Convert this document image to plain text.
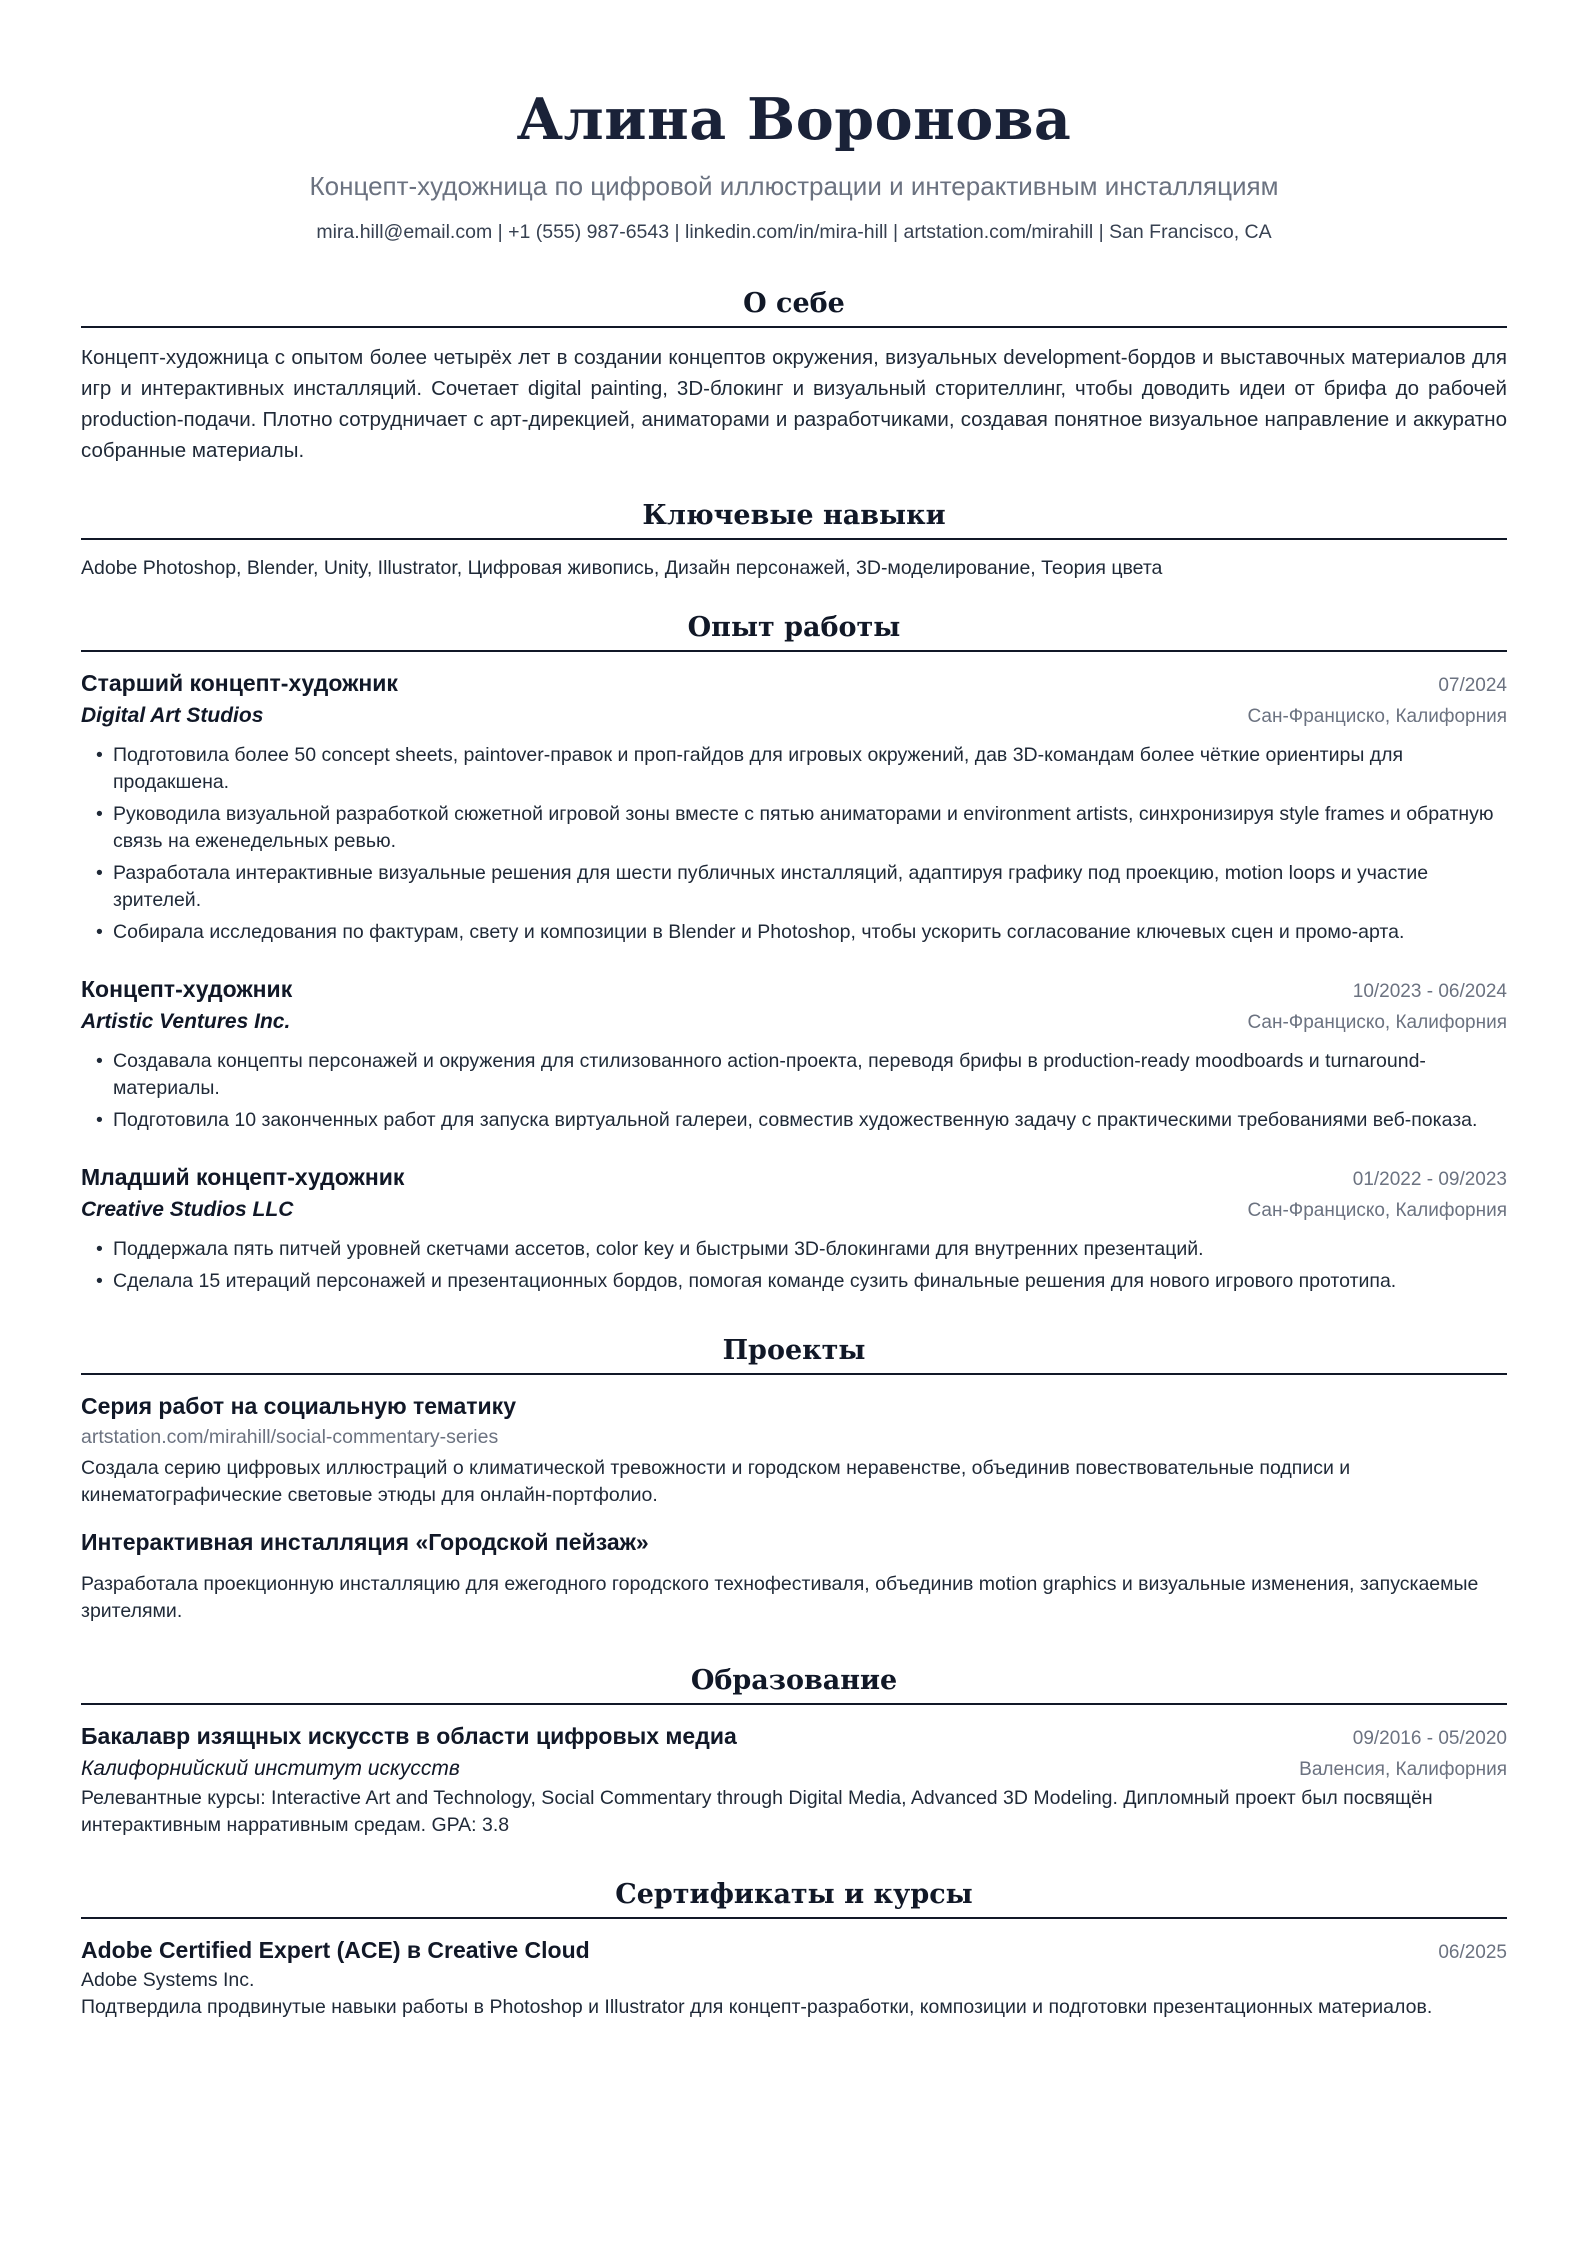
Алина Воронова
Концепт-художница по цифровой иллюстрации и интерактивным инсталляциям
mira.hill@email.com | +1 (555) 987-6543 | linkedin.com/in/mira-hill | artstation.com/mirahill | San Francisco, CA
О себе

Концепт-художница с опытом более четырёх лет в создании концептов окружения, визуальных development-бордов и выставочных материалов для игр и интерактивных инсталляций. Сочетает digital painting, 3D-блокинг и визуальный сторителлинг, чтобы доводить идеи от брифа до рабочей production-подачи. Плотно сотрудничает с арт-дирекцией, аниматорами и разработчиками, создавая понятное визуальное направление и аккуратно собранные материалы.

Ключевые навыки
Adobe Photoshop, Blender, Unity, Illustrator, Цифровая живопись, Дизайн персонажей, 3D-моделирование, Теория цвета
Опыт работы
Старший концепт-художник	07/2024
Digital Art Studios	Сан-Франциско, Калифорния
• Подготовила более 50 concept sheets, paintover-правок и проп-гайдов для игровых окружений, дав 3D-командам более чёткие ориентиры для продакшена.
• Руководила визуальной разработкой сюжетной игровой зоны вместе с пятью аниматорами и environment artists, синхронизируя style frames и обратную связь на еженедельных ревью.
• Разработала интерактивные визуальные решения для шести публичных инсталляций, адаптируя графику под проекцию, motion loops и участие зрителей.
• Собирала исследования по фактурам, свету и композиции в Blender и Photoshop, чтобы ускорить согласование ключевых сцен и промо-арта.
Концепт-художник	10/2023 - 06/2024
Artistic Ventures Inc.	Сан-Франциско, Калифорния
• Создавала концепты персонажей и окружения для стилизованного action-проекта, переводя брифы в production-ready moodboards и turnaround-материалы.
• Подготовила 10 законченных работ для запуска виртуальной галереи, совместив художественную задачу с практическими требованиями веб-показа.
Младший концепт-художник	01/2022 - 09/2023
Creative Studios LLC	Сан-Франциско, Калифорния
• Поддержала пять питчей уровней скетчами ассетов, color key и быстрыми 3D-блокингами для внутренних презентаций.
• Сделала 15 итераций персонажей и презентационных бордов, помогая команде сузить финальные решения для нового игрового прототипа.
Проекты
Серия работ на социальную тематику
artstation.com/mirahill/social-commentary-series

Создала серию цифровых иллюстраций о климатической тревожности и городском неравенстве, объединив повествовательные подписи и кинематографические световые этюды для онлайн-портфолио.

Интерактивная инсталляция «Городской пейзаж»

Разработала проекционную инсталляцию для ежегодного городского технофестиваля, объединив motion graphics и визуальные изменения, запускаемые зрителями.

Образование
Бакалавр изящных искусств в области цифровых медиа	09/2016 - 05/2020
Калифорнийский институт искусств	Валенсия, Калифорния

Релевантные курсы: Interactive Art and Technology, Social Commentary through Digital Media, Advanced 3D Modeling. Дипломный проект был посвящён интерактивным нарративным средам. GPA: 3.8

Сертификаты и курсы
Adobe Certified Expert (ACE) в Creative Cloud	06/2025
Adobe Systems Inc.

Подтвердила продвинутые навыки работы в Photoshop и Illustrator для концепт-разработки, композиции и подготовки презентационных материалов.
